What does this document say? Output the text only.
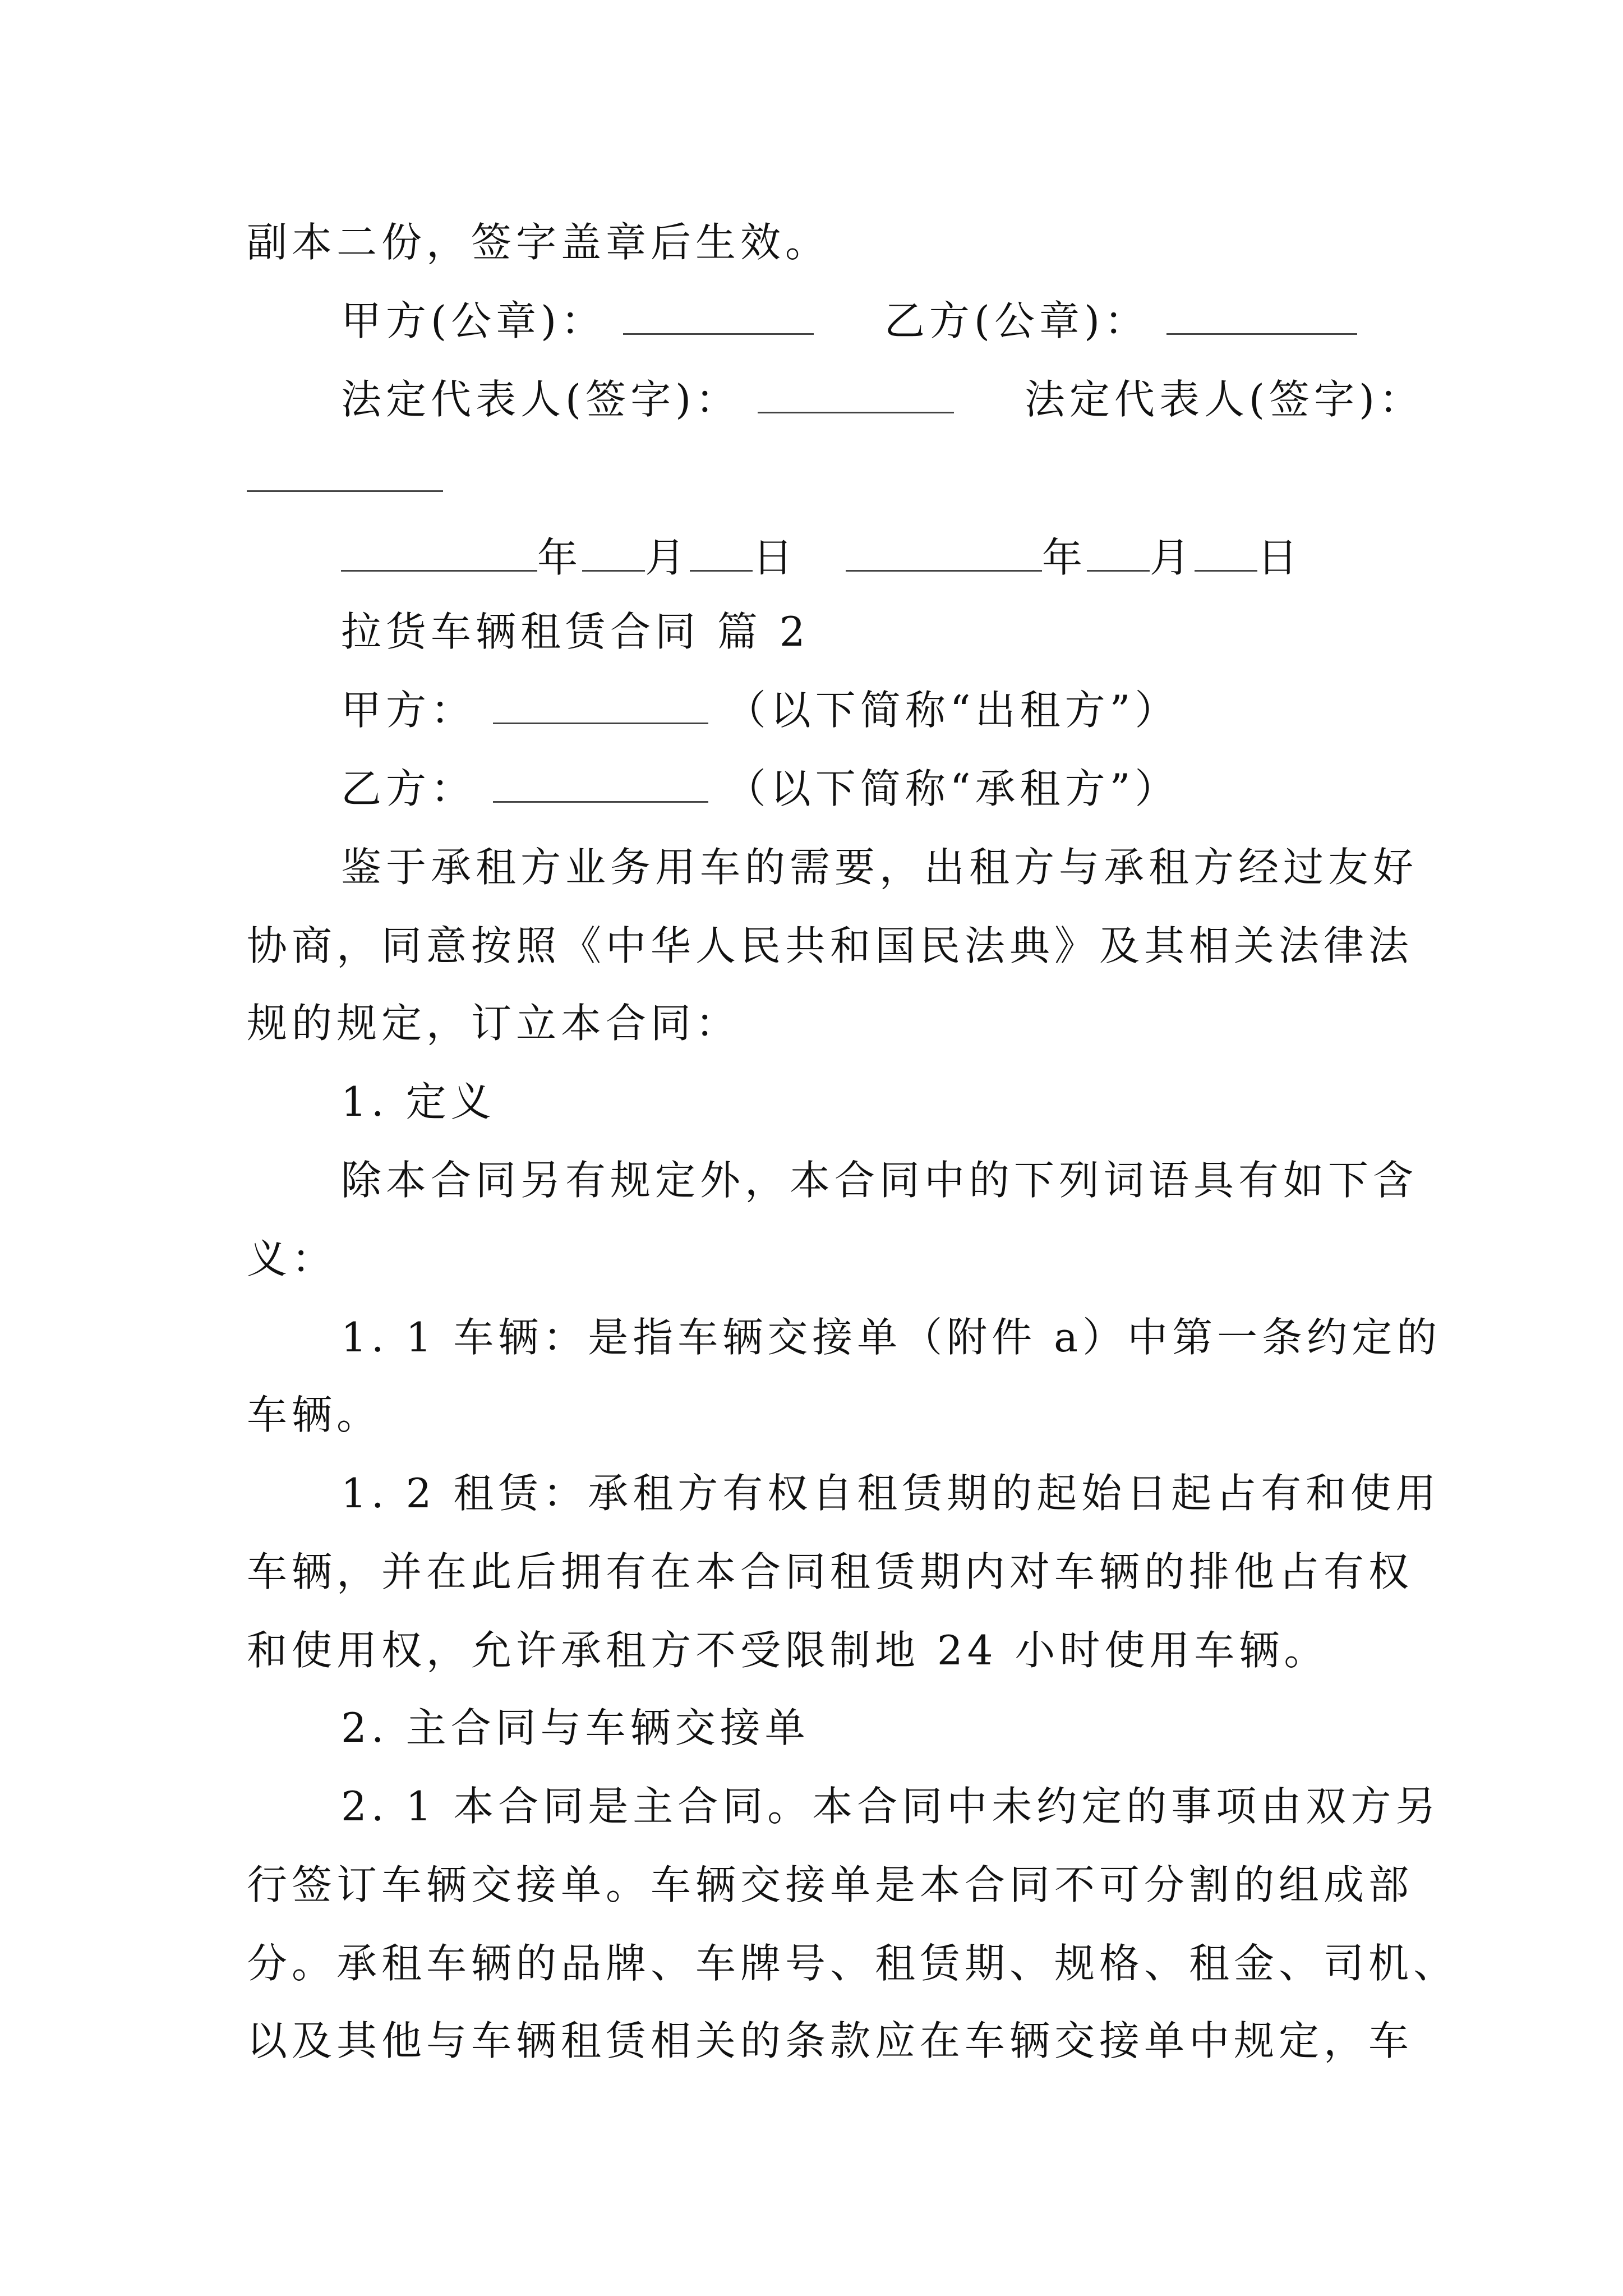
副本二份，签字盖章后生效。
甲方(公章)：	乙方(公章)：
法定代表人(签字)：	法定代表人(签字)：
年 月 日	年 月 日
拉货车辆租赁合同 篇 2
甲方：	（以下简称“出租方”）
乙方：	（以下简称“承租方”）
鉴于承租方业务用车的需要，出租方与承租方经过友好
协商，同意按照《中华人民共和国民法典》及其相关法律法
规的规定，订立本合同：
1. 定义
除本合同另有规定外，本合同中的下列词语具有如下含
义：
1. 1 车辆：是指车辆交接单（附件 a）中第一条约定的
车辆。
1. 2 租赁：承租方有权自租赁期的起始日起占有和使用
车辆，并在此后拥有在本合同租赁期内对车辆的排他占有权
和使用权，允许承租方不受限制地 24 小时使用车辆。
2. 主合同与车辆交接单
2. 1 本合同是主合同。本合同中未约定的事项由双方另
行签订车辆交接单。车辆交接单是本合同不可分割的组成部
分。承租车辆的品牌、车牌号、租赁期、规格、租金、司机、
以及其他与车辆租赁相关的条款应在车辆交接单中规定，车
